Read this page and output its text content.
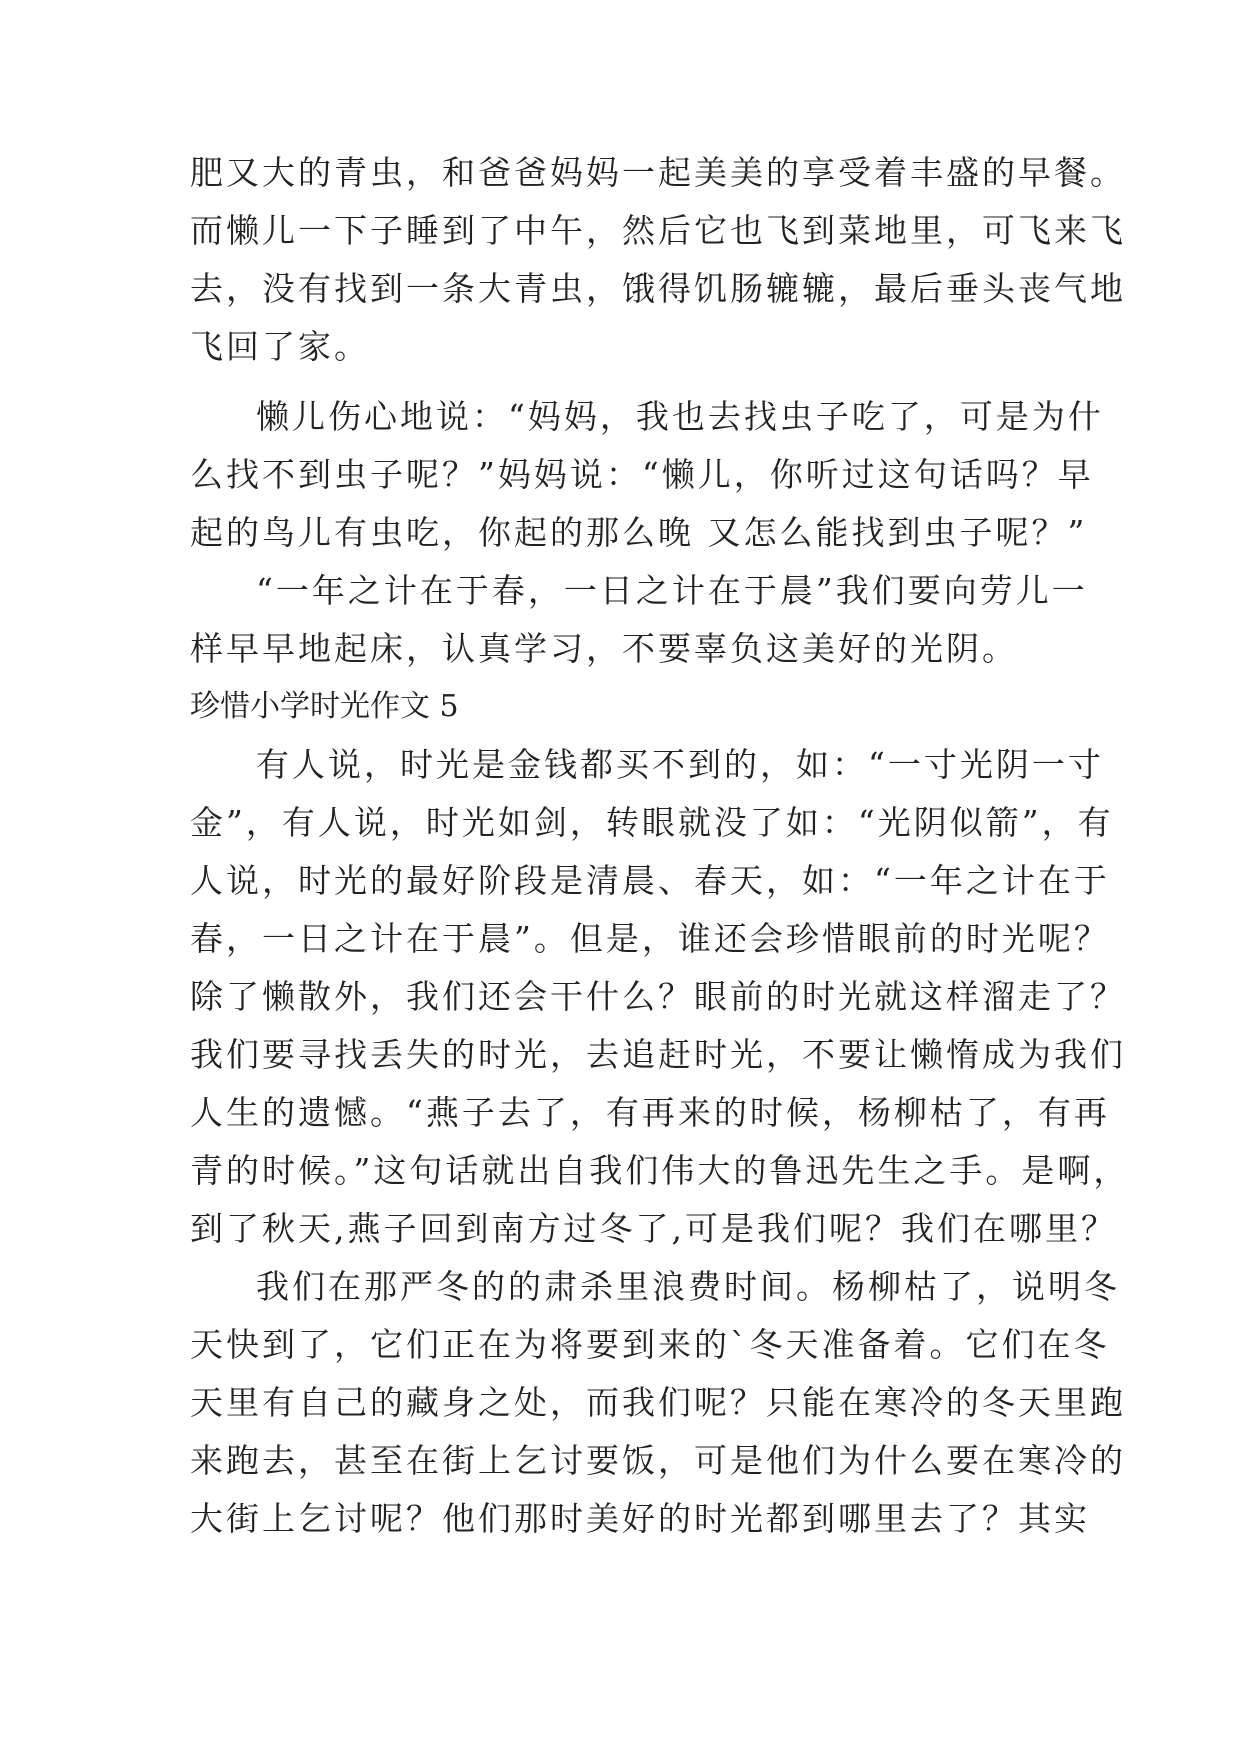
肥又大的青虫，和爸爸妈妈一起美美的享受着丰盛的早餐。
而懒儿一下子睡到了中午，然后它也飞到菜地里，可飞来飞
去，没有找到一条大青虫，饿得饥肠辘辘，最后垂头丧气地
飞回了家。
懒儿伤心地说：“妈妈，我也去找虫子吃了，可是为什
么找不到虫子呢？”妈妈说：“懒儿，你听过这句话吗？早
起的鸟儿有虫吃，你起的那么晚 又怎么能找到虫子呢？”
“一年之计在于春，一日之计在于晨”我们要向劳儿一
样早早地起床，认真学习，不要辜负这美好的光阴。
珍惜小学时光作文 5
有人说，时光是金钱都买不到的，如：“一寸光阴一寸
金”，有人说，时光如剑，转眼就没了如：“光阴似箭”，有
人说，时光的最好阶段是清晨、春天，如：“一年之计在于
春，一日之计在于晨”。但是，谁还会珍惜眼前的时光呢？
除了懒散外，我们还会干什么？眼前的时光就这样溜走了？
我们要寻找丢失的时光，去追赶时光，不要让懒惰成为我们
人生的遗憾。“燕子去了，有再来的时候，杨柳枯了，有再
青的时候。”这句话就出自我们伟大的鲁迅先生之手。是啊，
到了秋天,燕子回到南方过冬了,可是我们呢？我们在哪里？
我们在那严冬的的肃杀里浪费时间。杨柳枯了，说明冬
天快到了，它们正在为将要到来的`冬天准备着。它们在冬
天里有自己的藏身之处，而我们呢？只能在寒冷的冬天里跑
来跑去，甚至在街上乞讨要饭，可是他们为什么要在寒冷的
大街上乞讨呢？他们那时美好的时光都到哪里去了？其实
